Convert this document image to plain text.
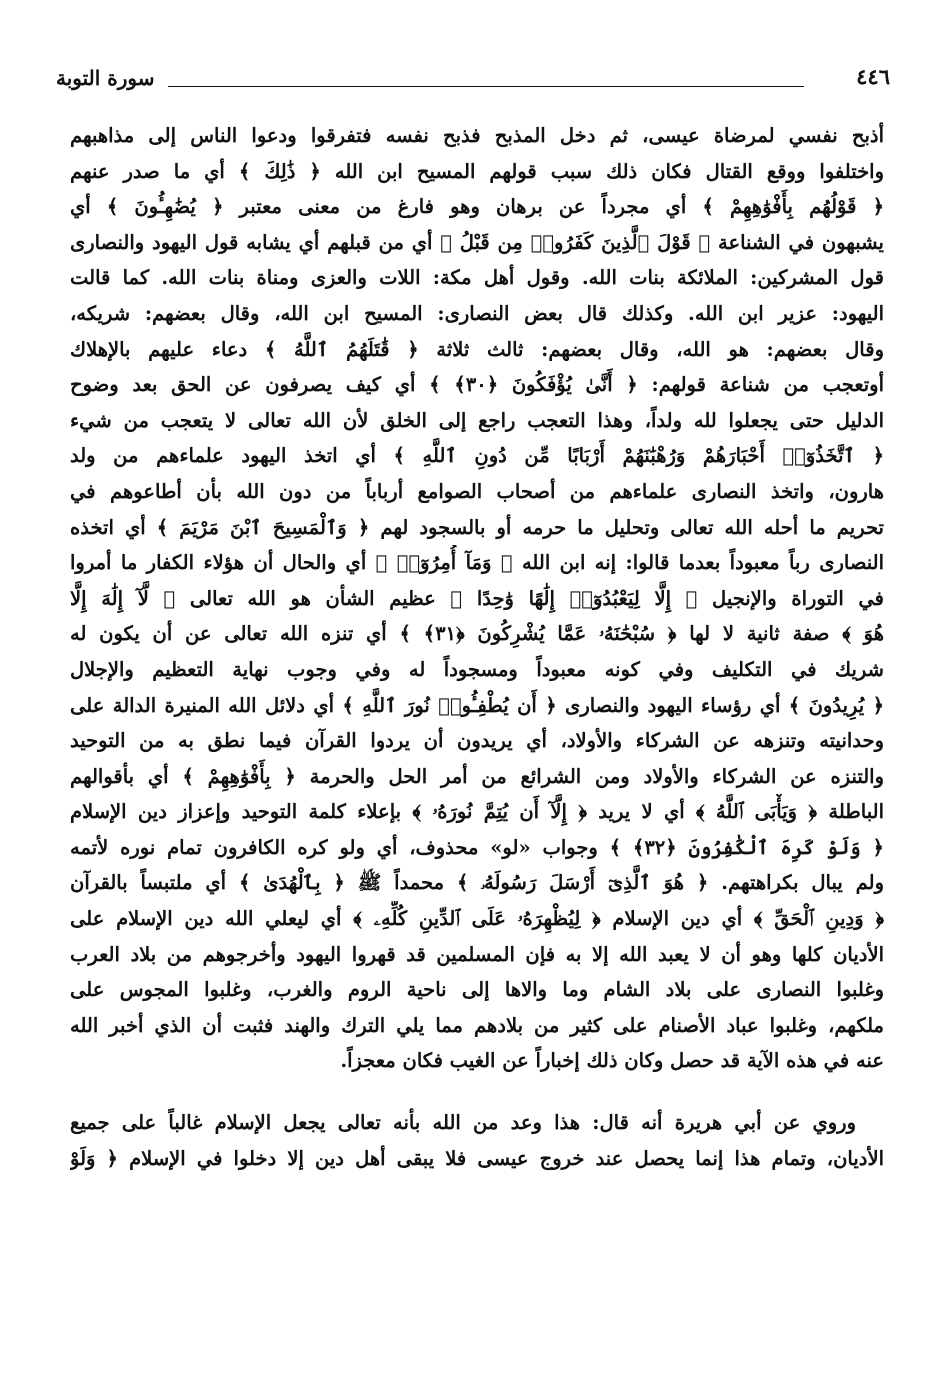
٤٤٦
سورة التوبة
أذبح نفسي لمرضاة عيسى، ثم دخل المذبح فذبح نفسه فتفرقوا ودعوا الناس إلى مذاهبهم
واختلفوا ووقع القتال فكان ذلك سبب قولهم المسيح ابن الله ﴿ ذَٰلِكَ ﴾ أي ما صدر عنهم
﴿ قَوْلُهُم بِأَفْوَٰهِهِمْ ﴾ أي مجرداً عن برهان وهو فارغ من معنى معتبر ﴿ يُضَٰهِـُٔونَ ﴾ أي
يشبهون في الشناعة ﴿ قَوْلَ ٱلَّذِينَ كَفَرُوا۟ مِن قَبْلُ ﴾ أي من قبلهم أي يشابه قول اليهود والنصارى
قول المشركين: الملائكة بنات الله. وقول أهل مكة: اللات والعزى ومناة بنات الله. كما قالت
اليهود: عزير ابن الله. وكذلك قال بعض النصارى: المسيح ابن الله، وقال بعضهم: شريكه،
وقال بعضهم: هو الله، وقال بعضهم: ثالث ثلاثة ﴿ قَٰتَلَهُمُ ٱللَّهُ ﴾ دعاء عليهم بالإهلاك
أوتعجب من شناعة قولهم: ﴿ أَنَّىٰ يُؤْفَكُونَ ﴿٣٠﴾ ﴾ أي كيف يصرفون عن الحق بعد وضوح
الدليل حتى يجعلوا لله ولداً، وهذا التعجب راجع إلى الخلق لأن الله تعالى لا يتعجب من شيء
﴿ ٱتَّخَذُوٓا۟ أَحْبَارَهُمْ وَرُهْبَٰنَهُمْ أَرْبَابًا مِّن دُونِ ٱللَّهِ ﴾ أي اتخذ اليهود علماءهم من ولد
هارون، واتخذ النصارى علماءهم من أصحاب الصوامع أرباباً من دون الله بأن أطاعوهم في
تحريم ما أحله الله تعالى وتحليل ما حرمه أو بالسجود لهم ﴿ وَٱلْمَسِيحَ ٱبْنَ مَرْيَمَ ﴾ أي اتخذه
النصارى رباً معبوداً بعدما قالوا: إنه ابن الله ﴿ وَمَآ أُمِرُوٓا۟ ﴾ أي والحال أن هؤلاء الكفار ما أمروا
في التوراة والإنجيل ﴿ إِلَّا لِيَعْبُدُوٓا۟ إِلَٰهًا وَٰحِدًا ﴾ عظيم الشأن هو الله تعالى ﴿ لَّآ إِلَٰهَ إِلَّا
هُوَ ﴾ صفة ثانية لا لها ﴿ سُبْحَٰنَهُۥ عَمَّا يُشْرِكُونَ ﴿٣١﴾ ﴾ أي تنزه الله تعالى عن أن يكون له
شريك في التكليف وفي كونه معبوداً ومسجوداً له وفي وجوب نهاية التعظيم والإجلال
﴿ يُرِيدُونَ ﴾ أي رؤساء اليهود والنصارى ﴿ أَن يُطْفِـُٔوا۟ نُورَ ٱللَّهِ ﴾ أي دلائل الله المنيرة الدالة على
وحدانيته وتنزهه عن الشركاء والأولاد، أي يريدون أن يردوا القرآن فيما نطق به من التوحيد
والتنزه عن الشركاء والأولاد ومن الشرائع من أمر الحل والحرمة ﴿ بِأَفْوَٰهِهِمْ ﴾ أي بأقوالهم
الباطلة ﴿ وَيَأْبَى ٱللَّهُ ﴾ أي لا يريد ﴿ إِلَّآ أَن يُتِمَّ نُورَهُۥ ﴾ بإعلاء كلمة التوحيد وإعزاز دين الإسلام
﴿ وَلَوْ كَرِهَ ٱلْكَٰفِرُونَ ﴿٣٢﴾ ﴾ وجواب «لو» محذوف، أي ولو كره الكافرون تمام نوره لأتمه
ولم يبال بكراهتهم. ﴿ هُوَ ٱلَّذِىٓ أَرْسَلَ رَسُولَهُۥ ﴾ محمداً ﷺ ﴿ بِٱلْهُدَىٰ ﴾ أي ملتبساً بالقرآن
﴿ وَدِينِ ٱلْحَقِّ ﴾ أي دين الإسلام ﴿ لِيُظْهِرَهُۥ عَلَى ٱلدِّينِ كُلِّهِۦ ﴾ أي ليعلي الله دين الإسلام على
الأديان كلها وهو أن لا يعبد الله إلا به فإن المسلمين قد قهروا اليهود وأخرجوهم من بلاد العرب
وغلبوا النصارى على بلاد الشام وما والاها إلى ناحية الروم والغرب، وغلبوا المجوس على
ملكهم، وغلبوا عباد الأصنام على كثير من بلادهم مما يلي الترك والهند فثبت أن الذي أخبر الله
عنه في هذه الآية قد حصل وكان ذلك إخباراً عن الغيب فكان معجزاً.
وروي عن أبي هريرة أنه قال: هذا وعد من الله بأنه تعالى يجعل الإسلام غالباً على جميع
الأديان، وتمام هذا إنما يحصل عند خروج عيسى فلا يبقى أهل دين إلا دخلوا في الإسلام ﴿ وَلَوْ
